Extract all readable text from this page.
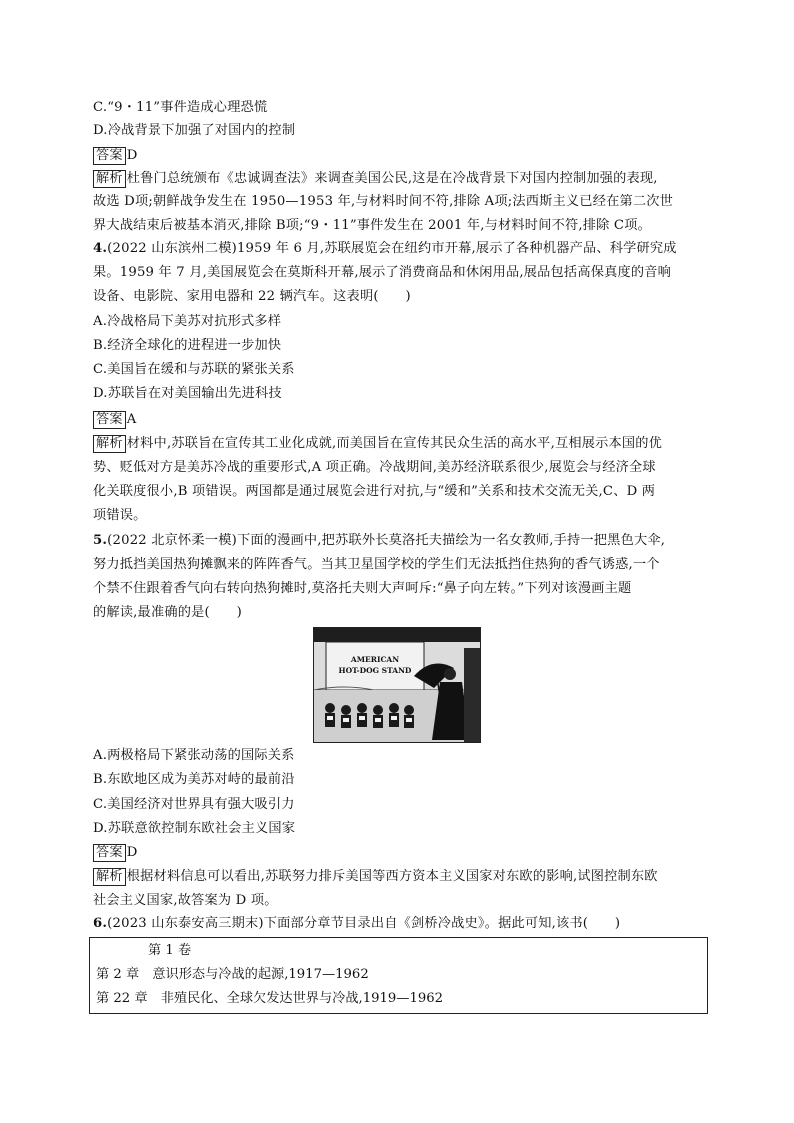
C.“9・11”事件造成心理恐慌
D.冷战背景下加强了对国内的控制
答案 D
解析 杜鲁门总统颁布《忠诚调查法》来调查美国公民,这是在冷战背景下对国内控制加强的表现,
故选 D项;朝鲜战争发生在 1950—1953 年,与材料时间不符,排除 A项;法西斯主义已经在第二次世
界大战结束后被基本消灭,排除 B项;“9・11”事件发生在 2001 年,与材料时间不符,排除 C项。
4.(2022 山东滨州二模)1959 年 6 月,苏联展览会在纽约市开幕,展示了各种机器产品、科学研究成
果。1959 年 7 月,美国展览会在莫斯科开幕,展示了消费商品和休闲用品,展品包括高保真度的音响
设备、电影院、家用电器和 22 辆汽车。这表明(　　)
A.冷战格局下美苏对抗形式多样
B.经济全球化的进程进一步加快
C.美国旨在缓和与苏联的紧张关系
D.苏联旨在对美国输出先进科技
答案 A
解析 材料中,苏联旨在宣传其工业化成就,而美国旨在宣传其民众生活的高水平,互相展示本国的优
势、贬低对方是美苏冷战的重要形式,A 项正确。冷战期间,美苏经济联系很少,展览会与经济全球
化关联度很小,B 项错误。两国都是通过展览会进行对抗,与“缓和”关系和技术交流无关,C、D 两
项错误。
5.(2022 北京怀柔一模)下面的漫画中,把苏联外长莫洛托夫描绘为一名女教师,手持一把黑色大伞,
努力抵挡美国热狗摊飘来的阵阵香气。当其卫星国学校的学生们无法抵挡住热狗的香气诱惑,一个
个禁不住跟着香气向右转向热狗摊时,莫洛托夫则大声呵斥:“鼻子向左转。”下列对该漫画主题
的解读,最准确的是(　　)
AMERICAN
HOT-DOG STAND
A.两极格局下紧张动荡的国际关系
B.东欧地区成为美苏对峙的最前沿
C.美国经济对世界具有强大吸引力
D.苏联意欲控制东欧社会主义国家
答案 D
解析 根据材料信息可以看出,苏联努力排斥美国等西方资本主义国家对东欧的影响,试图控制东欧
社会主义国家,故答案为 D 项。
6.(2023 山东泰安高三期末)下面部分章节目录出自《剑桥冷战史》。据此可知,该书(　　)
第 1 卷
第 2 章　意识形态与冷战的起源,1917—1962
第 22 章　非殖民化、全球欠发达世界与冷战,1919—1962
